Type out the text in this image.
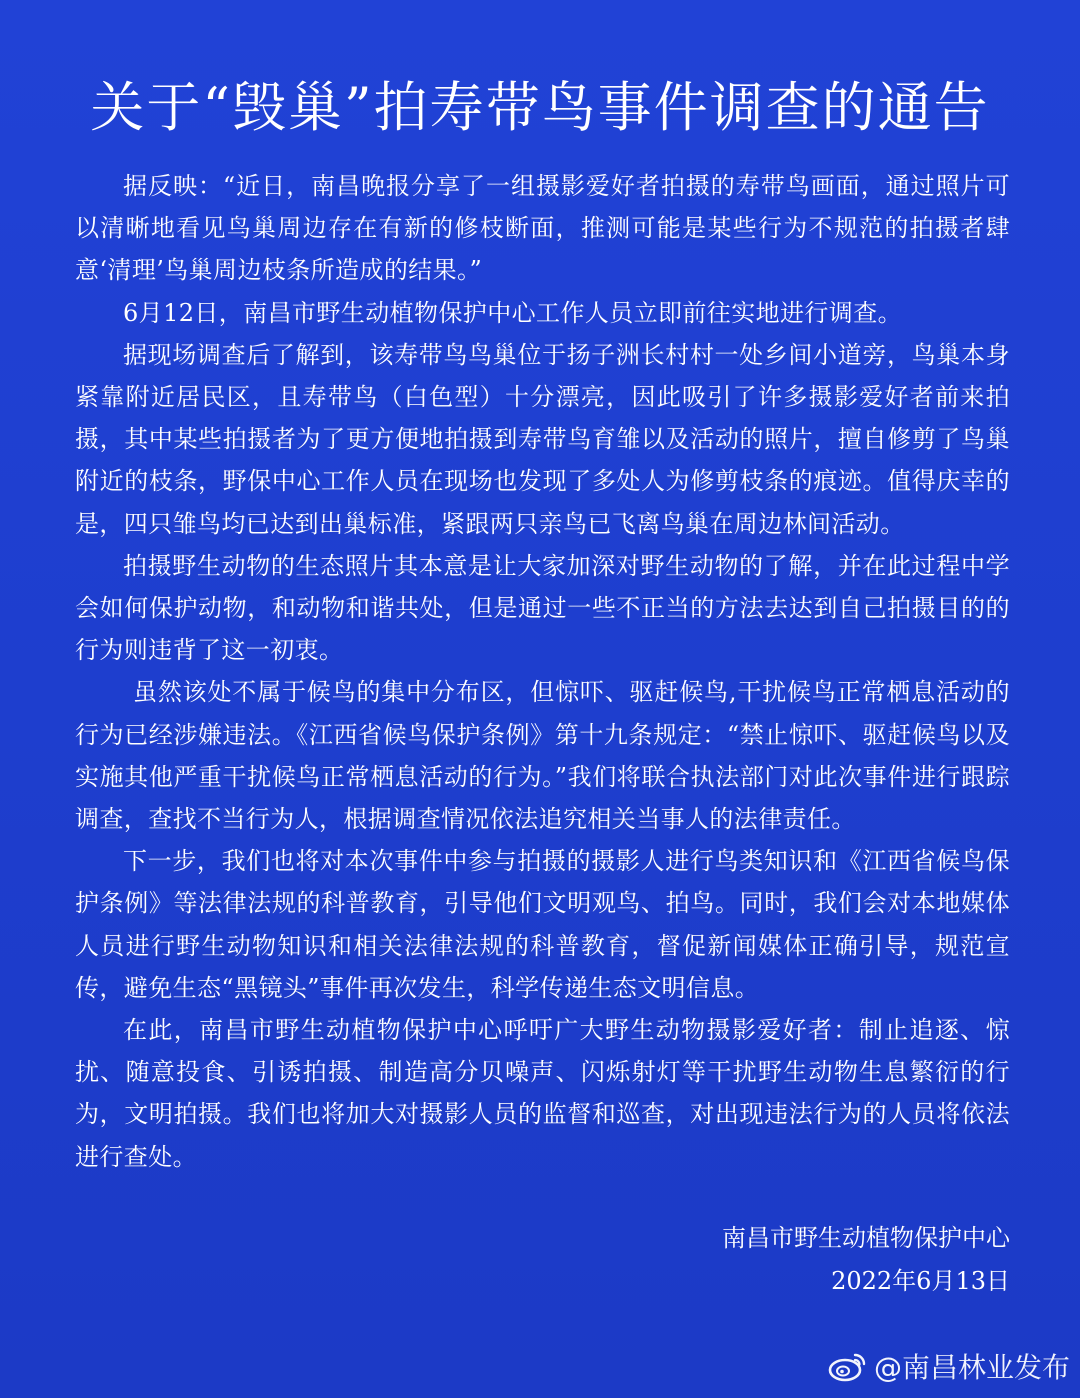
关于“毁巢”拍寿带鸟事件调查的通告

据反映：“近日，南昌晚报分享了一组摄影爱好者拍摄的寿带鸟画面，通过照片可以清晰地看见鸟巢周边存在有新的修枝断面，推测可能是某些行为不规范的拍摄者肆意‘清理’鸟巢周边枝条所造成的结果。”

6月12日，南昌市野生动植物保护中心工作人员立即前往实地进行调查。

据现场调查后了解到，该寿带鸟鸟巢位于扬子洲长村村一处乡间小道旁，鸟巢本身紧靠附近居民区，且寿带鸟（白色型）十分漂亮，因此吸引了许多摄影爱好者前来拍摄，其中某些拍摄者为了更方便地拍摄到寿带鸟育雏以及活动的照片，擅自修剪了鸟巢附近的枝条，野保中心工作人员在现场也发现了多处人为修剪枝条的痕迹。值得庆幸的是，四只雏鸟均已达到出巢标准，紧跟两只亲鸟已飞离鸟巢在周边林间活动。

拍摄野生动物的生态照片其本意是让大家加深对野生动物的了解，并在此过程中学会如何保护动物，和动物和谐共处，但是通过一些不正当的方法去达到自己拍摄目的的行为则违背了这一初衷。

虽然该处不属于候鸟的集中分布区，但惊吓、驱赶候鸟,干扰候鸟正常栖息活动的行为已经涉嫌违法。《江西省候鸟保护条例》第十九条规定：“禁止惊吓、驱赶候鸟以及实施其他严重干扰候鸟正常栖息活动的行为。”我们将联合执法部门对此次事件进行跟踪调查，查找不当行为人，根据调查情况依法追究相关当事人的法律责任。

下一步，我们也将对本次事件中参与拍摄的摄影人进行鸟类知识和《江西省候鸟保护条例》等法律法规的科普教育，引导他们文明观鸟、拍鸟。同时，我们会对本地媒体人员进行野生动物知识和相关法律法规的科普教育，督促新闻媒体正确引导，规范宣传，避免生态“黑镜头”事件再次发生，科学传递生态文明信息。

在此，南昌市野生动植物保护中心呼吁广大野生动物摄影爱好者：制止追逐、惊扰、随意投食、引诱拍摄、制造高分贝噪声、闪烁射灯等干扰野生动物生息繁衍的行为，文明拍摄。我们也将加大对摄影人员的监督和巡查，对出现违法行为的人员将依法进行查处。

南昌市野生动植物保护中心
2022年6月13日
@南昌林业发布
